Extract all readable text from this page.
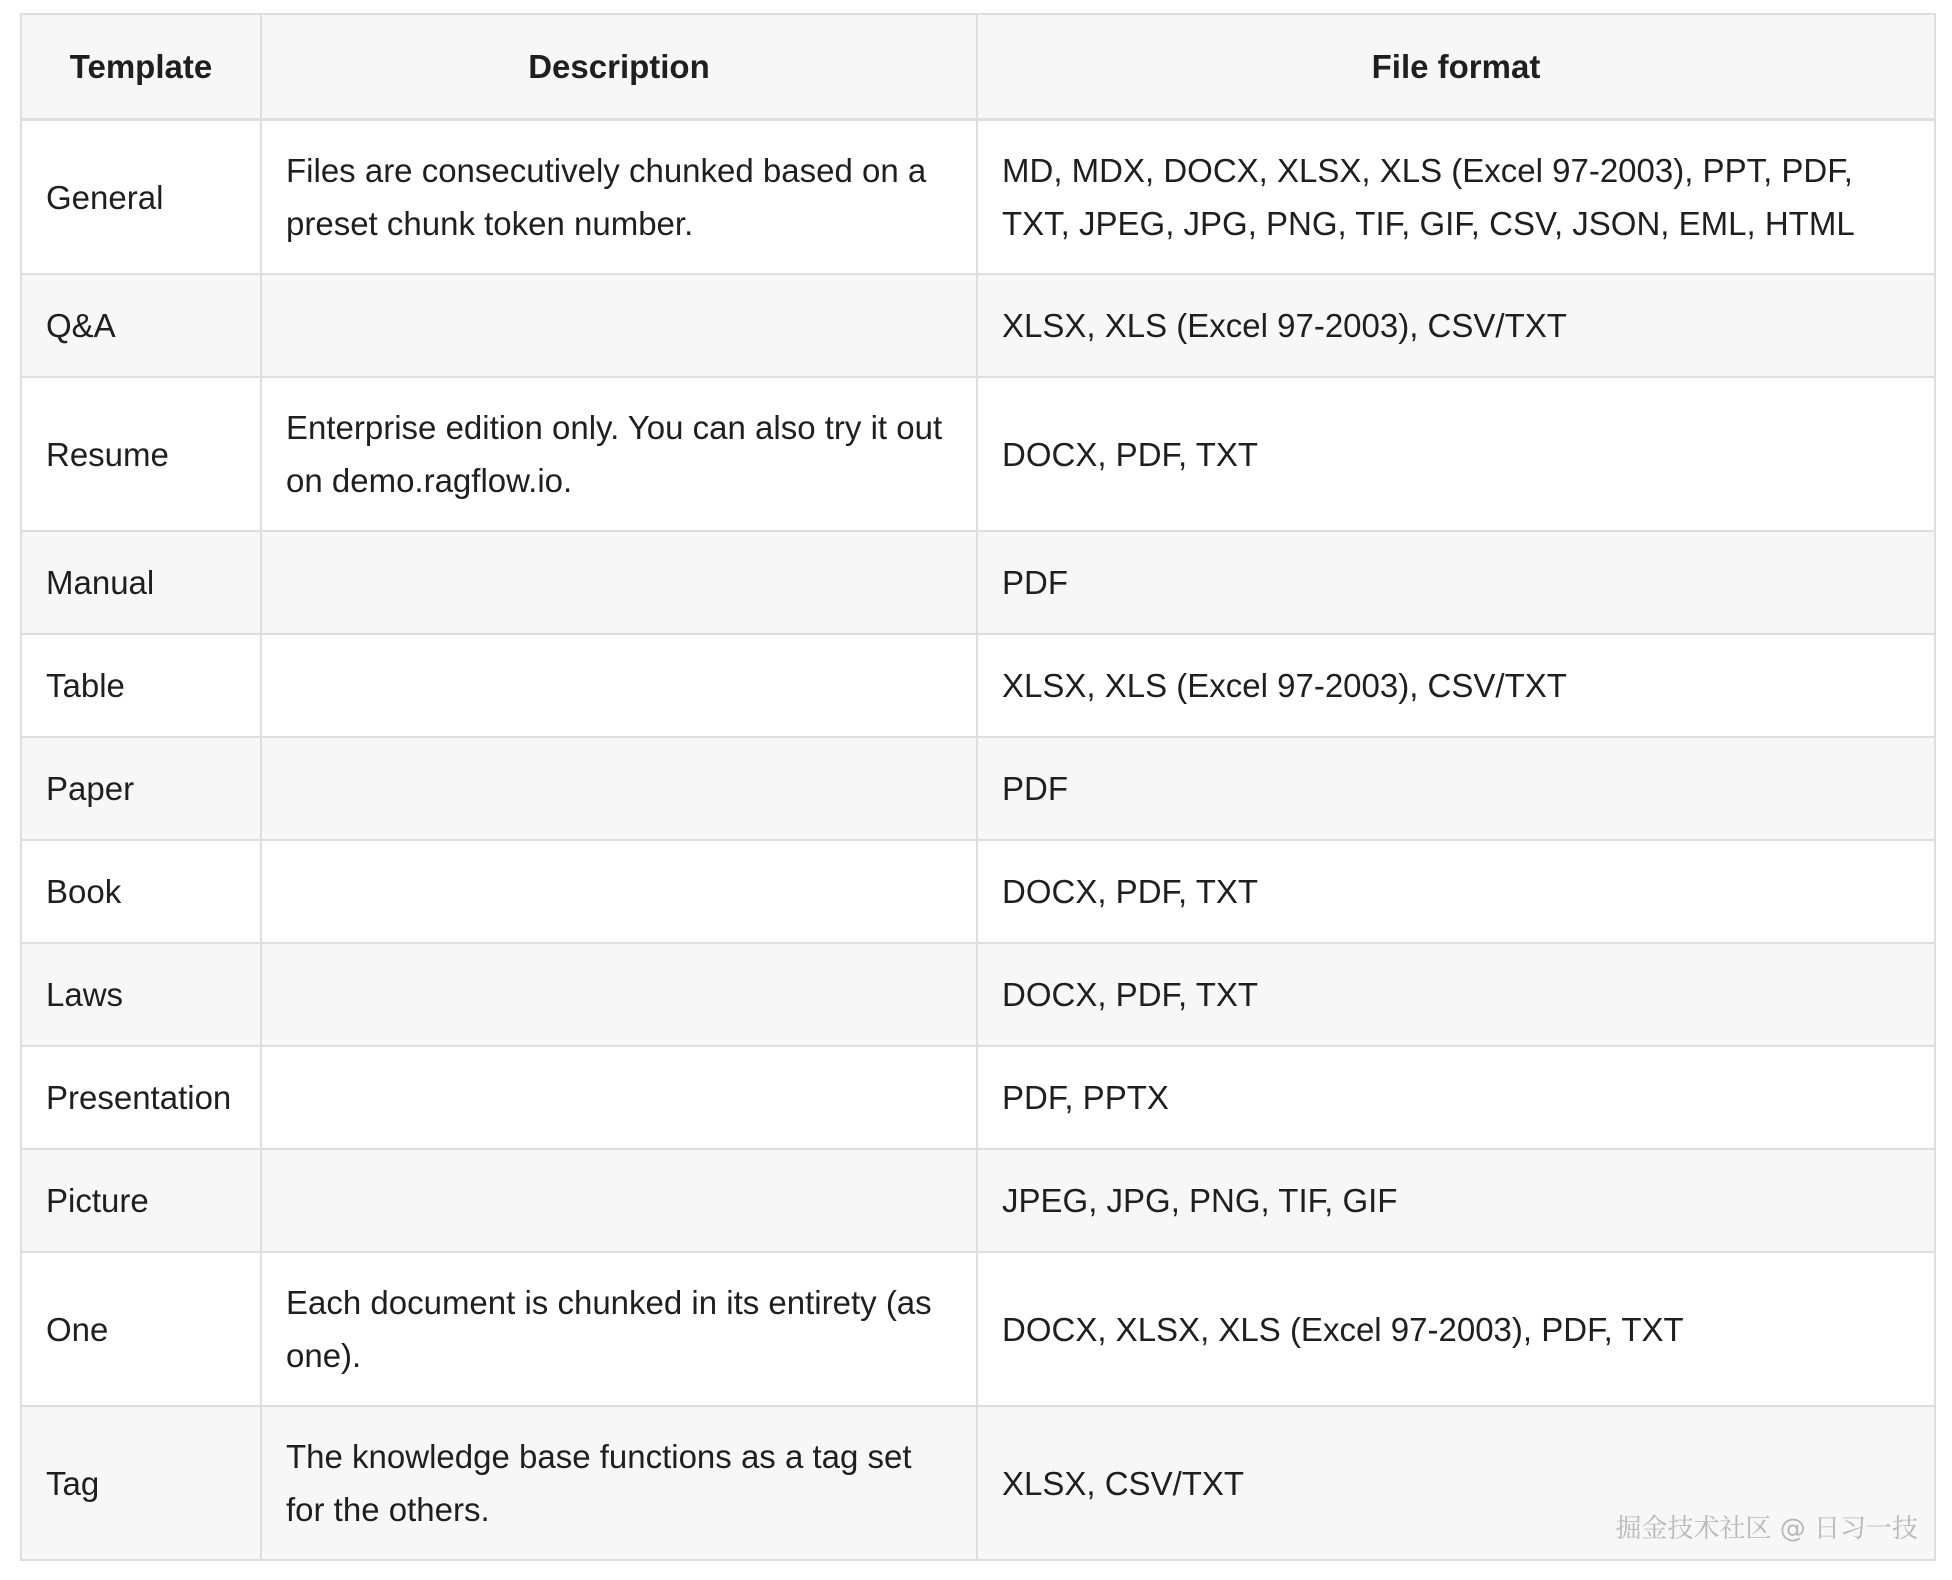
Template	Description	File format
General	Files are consecutively chunked based on a preset chunk token number.	MD, MDX, DOCX, XLSX, XLS (Excel 97-2003), PPT, PDF, TXT, JPEG, JPG, PNG, TIF, GIF, CSV, JSON, EML, HTML
Q&A		XLSX, XLS (Excel 97-2003), CSV/TXT
Resume	Enterprise edition only. You can also try it out on demo.ragflow.io.	DOCX, PDF, TXT
Manual		PDF
Table		XLSX, XLS (Excel 97-2003), CSV/TXT
Paper		PDF
Book		DOCX, PDF, TXT
Laws		DOCX, PDF, TXT
Presentation		PDF, PPTX
Picture		JPEG, JPG, PNG, TIF, GIF
One	Each document is chunked in its entirety (as one).	DOCX, XLSX, XLS (Excel 97-2003), PDF, TXT
Tag	The knowledge base functions as a tag set for the others.	XLSX, CSV/TXT
掘金技术社区 @ 日习一技
